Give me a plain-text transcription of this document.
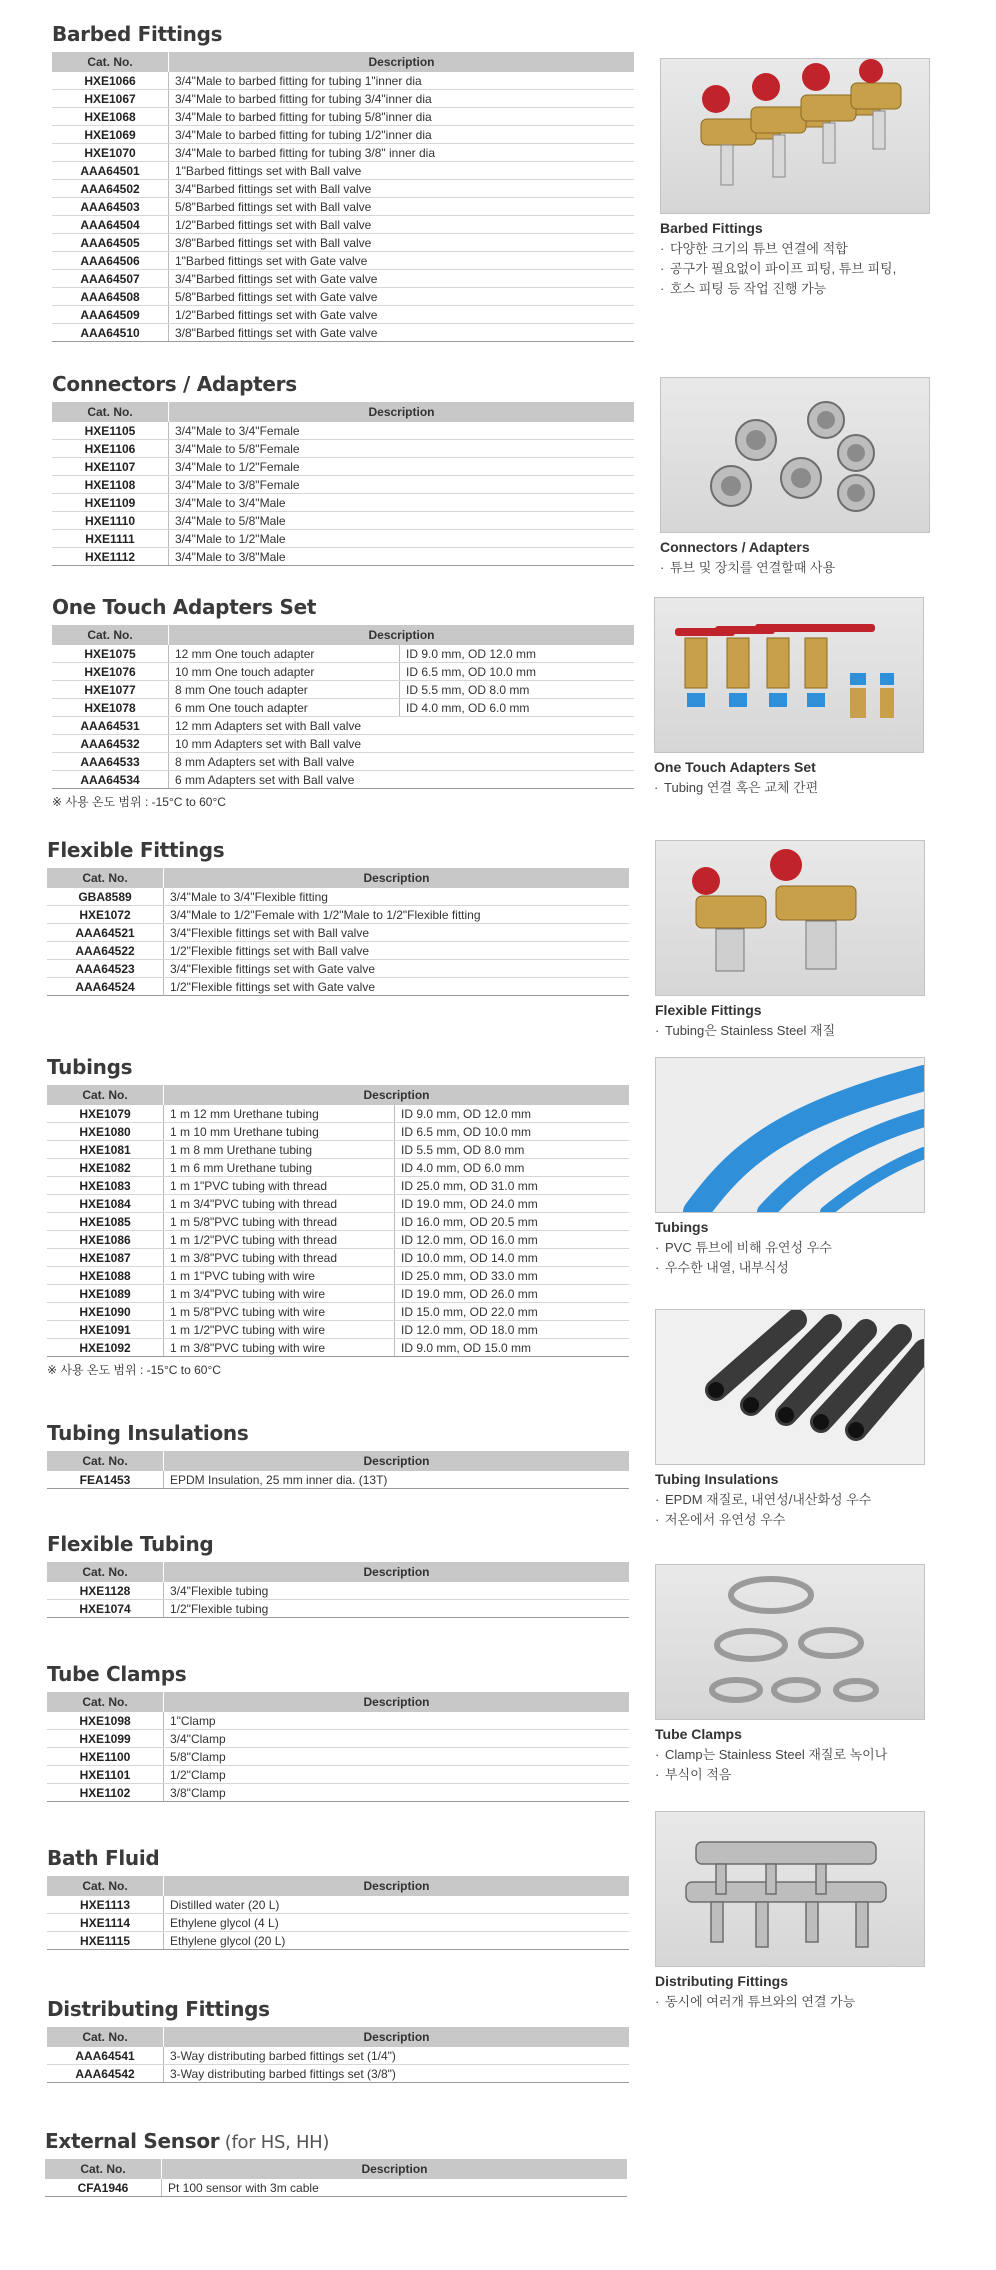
Barbed Fittings
Cat. No.	Description
HXE1066	3/4"Male to barbed fitting for tubing 1"inner dia
HXE1067	3/4"Male to barbed fitting for tubing 3/4"inner dia
HXE1068	3/4"Male to barbed fitting for tubing 5/8"inner dia
HXE1069	3/4"Male to barbed fitting for tubing 1/2"inner dia
HXE1070	3/4"Male to barbed fitting for tubing 3/8" inner dia
AAA64501	1"Barbed fittings set with Ball valve
AAA64502	3/4"Barbed fittings set with Ball valve
AAA64503	5/8"Barbed fittings set with Ball valve
AAA64504	1/2"Barbed fittings set with Ball valve
AAA64505	3/8"Barbed fittings set with Ball valve
AAA64506	1"Barbed fittings set with Gate valve
AAA64507	3/4"Barbed fittings set with Gate valve
AAA64508	5/8"Barbed fittings set with Gate valve
AAA64509	1/2"Barbed fittings set with Gate valve
AAA64510	3/8"Barbed fittings set with Gate valve
Connectors / Adapters
Cat. No.	Description
HXE1105	3/4"Male to 3/4"Female
HXE1106	3/4"Male to 5/8"Female
HXE1107	3/4"Male to 1/2"Female
HXE1108	3/4"Male to 3/8"Female
HXE1109	3/4"Male to 3/4"Male
HXE1110	3/4"Male to 5/8"Male
HXE1111	3/4"Male to 1/2"Male
HXE1112	3/4"Male to 3/8"Male
One Touch Adapters Set
Cat. No.	Description	
HXE1075	12 mm One touch adapter	ID 9.0 mm, OD 12.0 mm
HXE1076	10 mm One touch adapter	ID 6.5 mm, OD 10.0 mm
HXE1077	8 mm One touch adapter	ID 5.5 mm, OD 8.0 mm
HXE1078	6 mm One touch adapter	ID 4.0 mm, OD 6.0 mm
AAA64531	12 mm Adapters set with Ball valve	
AAA64532	10 mm Adapters set with Ball valve	
AAA64533	8 mm Adapters set with Ball valve	
AAA64534	6 mm Adapters set with Ball valve	
※ 사용 온도 범위 : -15°C to 60°C
Flexible Fittings
Cat. No.	Description
GBA8589	3/4"Male to 3/4"Flexible fitting
HXE1072	3/4"Male to 1/2"Female with 1/2"Male to 1/2"Flexible fitting
AAA64521	3/4"Flexible fittings set with Ball valve
AAA64522	1/2"Flexible fittings set with Ball valve
AAA64523	3/4"Flexible fittings set with Gate valve
AAA64524	1/2"Flexible fittings set with Gate valve
Tubings
Cat. No.	Description	
HXE1079	1 m 12 mm Urethane tubing	ID 9.0 mm, OD 12.0 mm
HXE1080	1 m 10 mm Urethane tubing	ID 6.5 mm, OD 10.0 mm
HXE1081	1 m 8 mm Urethane tubing	ID 5.5 mm, OD 8.0 mm
HXE1082	1 m 6 mm Urethane tubing	ID 4.0 mm, OD 6.0 mm
HXE1083	1 m 1"PVC tubing with thread	ID 25.0 mm, OD 31.0 mm
HXE1084	1 m 3/4"PVC tubing with thread	ID 19.0 mm, OD 24.0 mm
HXE1085	1 m 5/8"PVC tubing with thread	ID 16.0 mm, OD 20.5 mm
HXE1086	1 m 1/2"PVC tubing with thread	ID 12.0 mm, OD 16.0 mm
HXE1087	1 m 3/8"PVC tubing with thread	ID 10.0 mm, OD 14.0 mm
HXE1088	1 m 1"PVC tubing with wire	ID 25.0 mm, OD 33.0 mm
HXE1089	1 m 3/4"PVC tubing with wire	ID 19.0 mm, OD 26.0 mm
HXE1090	1 m 5/8"PVC tubing with wire	ID 15.0 mm, OD 22.0 mm
HXE1091	1 m 1/2"PVC tubing with wire	ID 12.0 mm, OD 18.0 mm
HXE1092	1 m 3/8"PVC tubing with wire	ID 9.0 mm, OD 15.0 mm
※ 사용 온도 범위 : -15°C to 60°C
Tubing Insulations
Cat. No.	Description
FEA1453	EPDM Insulation, 25 mm inner dia. (13T)
Flexible Tubing
Cat. No.	Description
HXE1128	3/4"Flexible tubing
HXE1074	1/2"Flexible tubing
Tube Clamps
Cat. No.	Description
HXE1098	1"Clamp
HXE1099	3/4"Clamp
HXE1100	5/8"Clamp
HXE1101	1/2"Clamp
HXE1102	3/8"Clamp
Bath Fluid
Cat. No.	Description
HXE1113	Distilled water (20 L)
HXE1114	Ethylene glycol (4 L)
HXE1115	Ethylene glycol (20 L)
Distributing Fittings
Cat. No.	Description
AAA64541	3-Way distributing barbed fittings set (1/4")
AAA64542	3-Way distributing barbed fittings set (3/8")
External Sensor (for HS, HH)
Cat. No.	Description
CFA1946	Pt 100 sensor with 3m cable
Barbed Fittings
· 다양한 크기의 튜브 연결에 적합
· 공구가 필요없이 파이프 피팅, 튜브 피팅,
· 호스 피팅 등 작업 진행 가능
Connectors / Adapters
· 튜브 및 장치를 연결할때 사용
One Touch Adapters Set
· Tubing 연결 혹은 교체 간편
Flexible Fittings
· Tubing은 Stainless Steel 재질
Tubings
· PVC 튜브에 비해 유연성 우수
· 우수한 내열, 내부식성
Tubing Insulations
· EPDM 재질로, 내연성/내산화성 우수
· 저온에서 유연성 우수
Tube Clamps
· Clamp는 Stainless Steel 재질로 녹이나
· 부식이 적음
Distributing Fittings
· 동시에 여러개 튜브와의 연결 가능
